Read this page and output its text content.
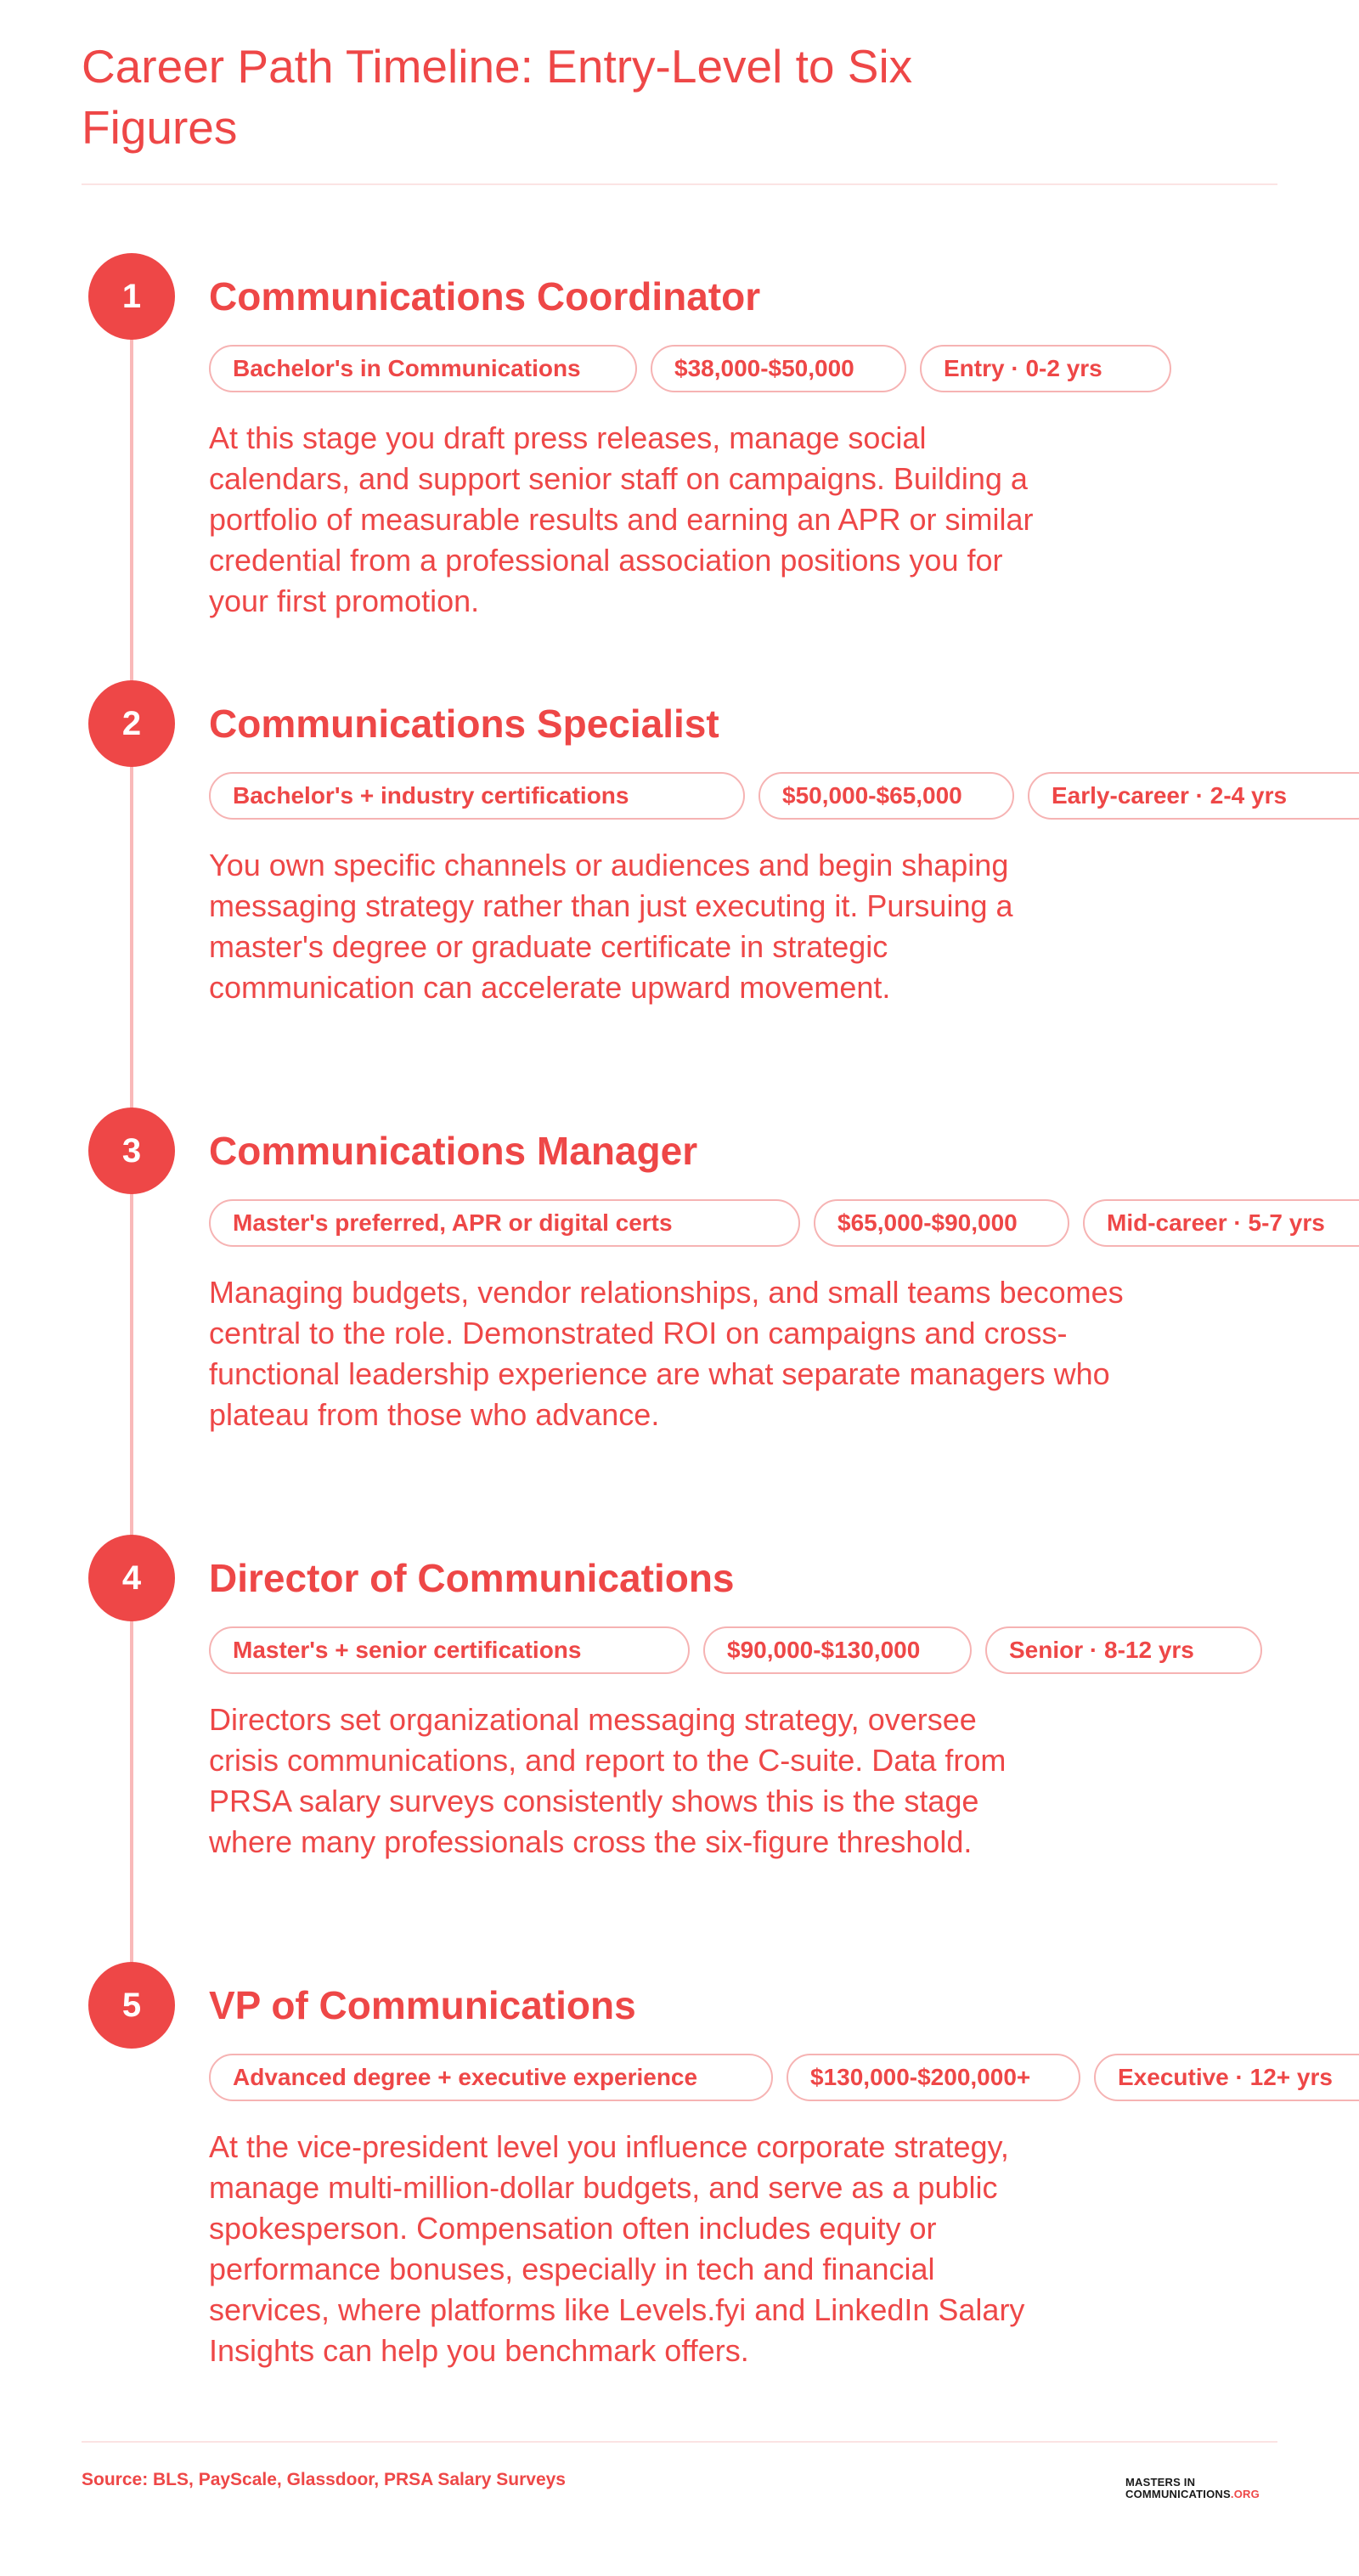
Career Path Timeline: Entry-Level to Six Figures
1	Communications Coordinator
Bachelor's in Communications	$38,000-$50,000	Entry · 0-2 yrs

At this stage you draft press releases, manage social calendars, and support senior staff on campaigns. Building a portfolio of measurable results and earning an APR or similar credential from a professional association positions you for your first promotion.

2	Communications Specialist
Bachelor's + industry certifications	$50,000-$65,000	Early-career · 2-4 yrs

You own specific channels or audiences and begin shaping messaging strategy rather than just executing it. Pursuing a master's degree or graduate certificate in strategic communication can accelerate upward movement.

3	Communications Manager
Master's preferred, APR or digital certs	$65,000-$90,000	Mid-career · 5-7 yrs

Managing budgets, vendor relationships, and small teams becomes central to the role. Demonstrated ROI on campaigns and cross-functional leadership experience are what separate managers who plateau from those who advance.

4	Director of Communications
Master's + senior certifications	$90,000-$130,000	Senior · 8-12 yrs

Directors set organizational messaging strategy, oversee crisis communications, and report to the C-suite. Data from PRSA salary surveys consistently shows this is the stage where many professionals cross the six-figure threshold.

5	VP of Communications
Advanced degree + executive experience	$130,000-$200,000+	Executive · 12+ yrs

At the vice-president level you influence corporate strategy, manage multi-million-dollar budgets, and serve as a public spokesperson. Compensation often includes equity or performance bonuses, especially in tech and financial services, where platforms like Levels.fyi and LinkedIn Salary Insights can help you benchmark offers.

Source: BLS, PayScale, Glassdoor, PRSA Salary Surveys	MASTERS IN
COMMUNICATIONS.ORG
